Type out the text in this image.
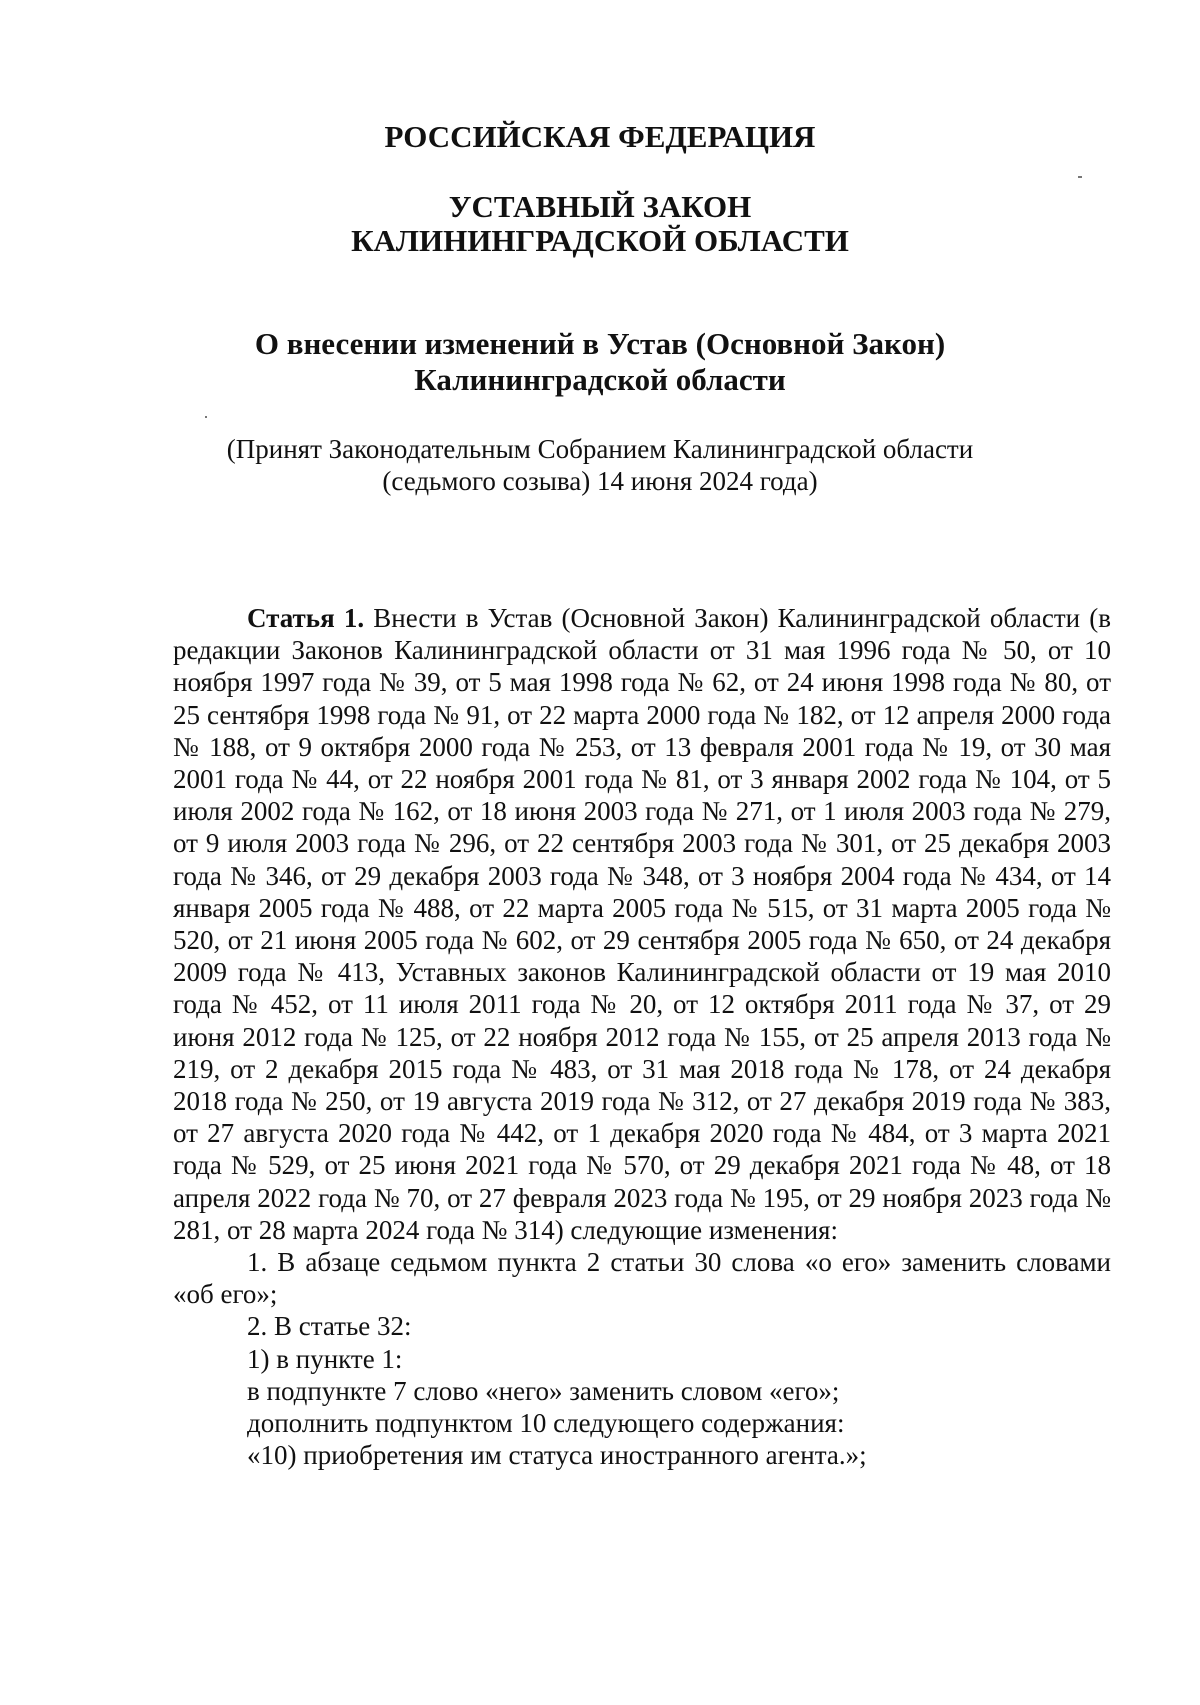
РОССИЙСКАЯ ФЕДЕРАЦИЯ
УСТАВНЫЙ ЗАКОН
КАЛИНИНГРАДСКОЙ ОБЛАСТИ
О внесении изменений в Устав (Основной Закон)
Калининградской области

(Принят Законодательным Собранием Калининградской области

(седьмого созыва) 14 июня 2024 года)

Статья 1. Внести в Устав (Основной Закон) Калининградской области (в редакции Законов Калининградской области от 31 мая 1996 года № 50, от 10 ноября 1997 года № 39, от 5 мая 1998 года № 62, от 24 июня 1998 года № 80, от 25 сентября 1998 года № 91, от 22 марта 2000 года № 182, от 12 апреля 2000 года № 188, от 9 октября 2000 года № 253, от 13 февраля 2001 года № 19, от 30 мая 2001 года № 44, от 22 ноября 2001 года № 81, от 3 января 2002 года № 104, от 5 июля 2002 года № 162, от 18 июня 2003 года № 271, от 1 июля 2003 года № 279, от 9 июля 2003 года № 296, от 22 сентября 2003 года № 301, от 25 декабря 2003 года № 346, от 29 декабря 2003 года № 348, от 3 ноября 2004 года № 434, от 14 января 2005 года № 488, от 22 марта 2005 года № 515, от 31 марта 2005 года № 520, от 21 июня 2005 года № 602, от 29 сентября 2005 года № 650, от 24 декабря 2009 года № 413, Уставных законов Калининградской области от 19 мая 2010 года № 452, от 11 июля 2011 года № 20, от 12 октября 2011 года № 37, от 29 июня 2012 года № 125, от 22 ноября 2012 года № 155, от 25 апреля 2013 года № 219, от 2 декабря 2015 года № 483, от 31 мая 2018 года № 178, от 24 декабря 2018 года № 250, от 19 августа 2019 года № 312, от 27 декабря 2019 года № 383, от 27 августа 2020 года № 442, от 1 декабря 2020 года № 484, от 3 марта 2021 года № 529, от 25 июня 2021 года № 570, от 29 декабря 2021 года № 48, от 18 апреля 2022 года № 70, от 27 февраля 2023 года № 195, от 29 ноября 2023 года № 281, от 28 марта 2024 года № 314) следующие изменения:

1. В абзаце седьмом пункта 2 статьи 30 слова «о его» заменить словами «об его»;

2. В статье 32:

1) в пункте 1:

в подпункте 7 слово «него» заменить словом «его»;

дополнить подпунктом 10 следующего содержания:

«10) приобретения им статуса иностранного агента.»;
